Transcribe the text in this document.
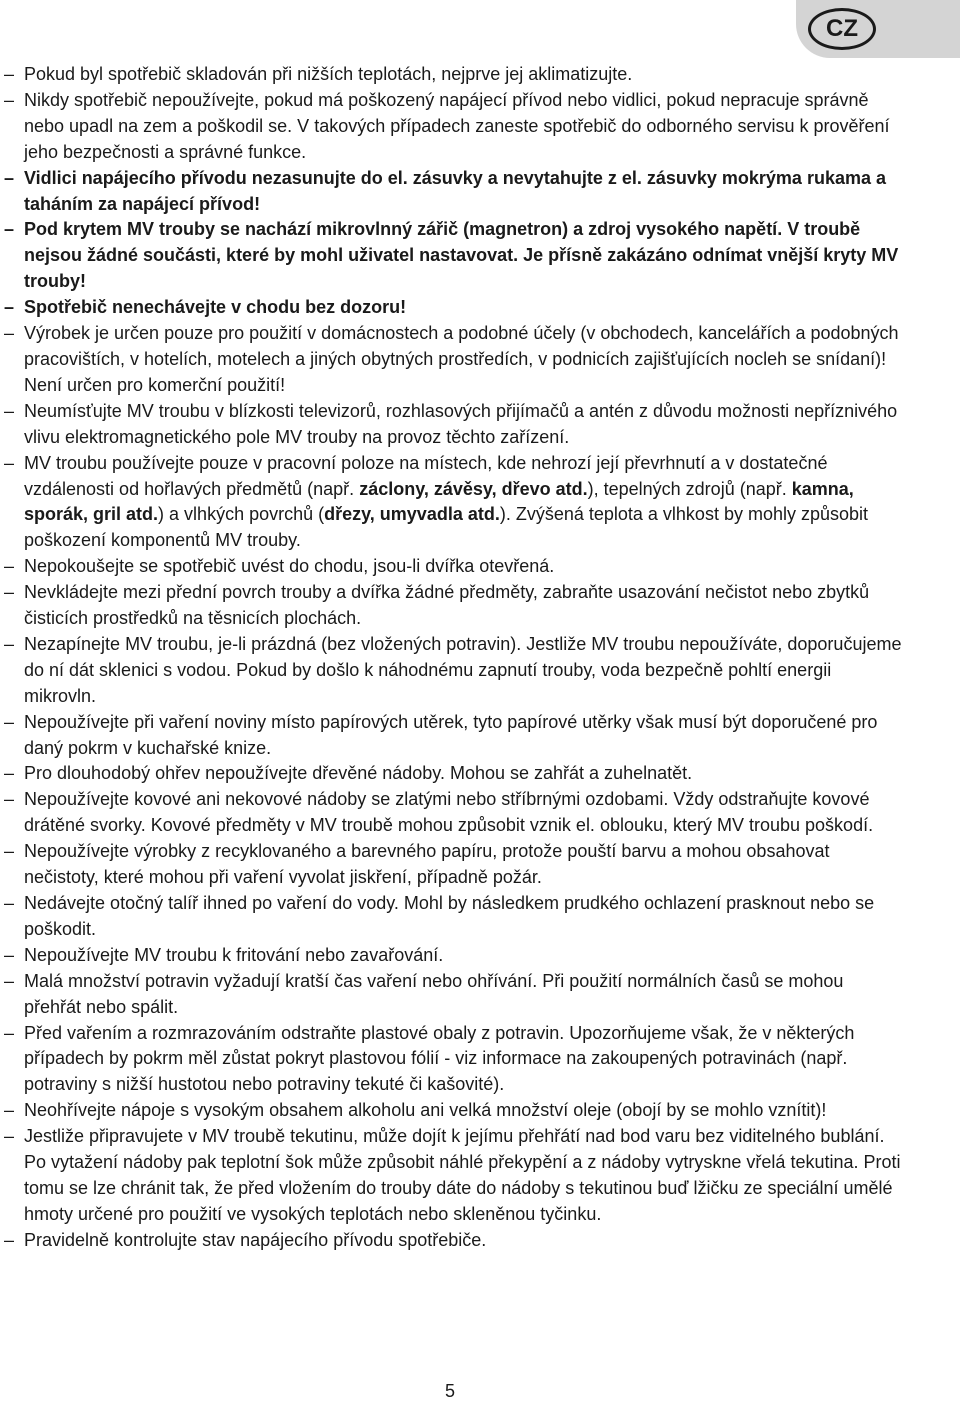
CZ
– Pokud byl spotřebič skladován při nižších teplotách, nejprve jej aklimatizujte.
– Nikdy spotřebič nepoužívejte, pokud má poškozený napájecí přívod nebo vidlici, pokud nepracuje správně nebo upadl na zem a poškodil se. V takových případech zaneste spotřebič do odborného servisu k prověření jeho bezpečnosti a správné funkce.
– Vidlici napájecího přívodu nezasunujte do el. zásuvky a nevytahujte z el. zásuvky mokrýma rukama a taháním za napájecí přívod!
– Pod krytem MV trouby se nachází mikrovlnný zářič (magnetron) a zdroj vysokého napětí. V troubě nejsou žádné součásti, které by mohl uživatel nastavovat. Je přísně zakázáno odnímat vnější kryty MV trouby!
– Spotřebič nenechávejte v chodu bez dozoru!
– Výrobek je určen pouze pro použití v domácnostech a podobné účely (v obchodech, kancelářích a podobných pracovištích, v hotelích, motelech a jiných obytných prostředích, v podnicích zajišťujících nocleh se snídaní)! Není určen pro komerční použití!
– Neumísťujte MV troubu v blízkosti televizorů, rozhlasových přijímačů a antén z důvodu možnosti nepříznivého vlivu elektromagnetického pole MV trouby na provoz těchto zařízení.
– MV troubu používejte pouze v pracovní poloze na místech, kde nehrozí její převrhnutí a v dostatečné vzdálenosti od hořlavých předmětů (např. záclony, závěsy, dřevo atd.), tepelných zdrojů (např. kamna, sporák, gril atd.) a vlhkých povrchů (dřezy, umyvadla atd.). Zvýšená teplota a vlhkost by mohly způsobit poškození komponentů MV trouby.
– Nepokoušejte se spotřebič uvést do chodu, jsou-li dvířka otevřená.
– Nevkládejte mezi přední povrch trouby a dvířka žádné předměty, zabraňte usazování nečistot nebo zbytků čisticích prostředků na těsnicích plochách.
– Nezapínejte MV troubu, je-li prázdná (bez vložených potravin). Jestliže MV troubu nepoužíváte, doporučujeme do ní dát sklenici s vodou. Pokud by došlo k náhodnému zapnutí trouby, voda bezpečně pohltí energii mikrovln.
– Nepoužívejte při vaření noviny místo papírových utěrek, tyto papírové utěrky však musí být doporučené pro daný pokrm v kuchařské knize.
– Pro dlouhodobý ohřev nepoužívejte dřevěné nádoby. Mohou se zahřát a zuhelnatět.
– Nepoužívejte kovové ani nekovové nádoby se zlatými nebo stříbrnými ozdobami. Vždy odstraňujte kovové drátěné svorky. Kovové předměty v MV troubě mohou způsobit vznik el. oblouku, který MV troubu poškodí.
– Nepoužívejte výrobky z recyklovaného a barevného papíru, protože pouští barvu a mohou obsahovat nečistoty, které mohou při vaření vyvolat jiskření, případně požár.
– Nedávejte otočný talíř ihned po vaření do vody. Mohl by následkem prudkého ochlazení prasknout nebo se poškodit.
– Nepoužívejte MV troubu k fritování nebo zavařování.
– Malá množství potravin vyžadují kratší čas vaření nebo ohřívání. Při použití normálních časů se mohou přehřát nebo spálit.
– Před vařením a rozmrazováním odstraňte plastové obaly z potravin. Upozorňujeme však, že v některých případech by pokrm měl zůstat pokryt plastovou fólií - viz informace na zakoupených potravinách (např. potraviny s nižší hustotou nebo potraviny tekuté či kašovité).
– Neohřívejte nápoje s vysokým obsahem alkoholu ani velká množství oleje (obojí by se mohlo vznítit)!
– Jestliže připravujete v MV troubě tekutinu, může dojít k jejímu přehřátí nad bod varu bez viditelného bublání. Po vytažení nádoby pak teplotní šok může způsobit náhlé překypění a z nádoby vytryskne vřelá tekutina. Proti tomu se lze chránit tak, že před vložením do trouby dáte do nádoby s tekutinou buď lžičku ze speciální umělé hmoty určené pro použití ve vysokých teplotách nebo skleněnou tyčinku.
– Pravidelně kontrolujte stav napájecího přívodu spotřebiče.
5
